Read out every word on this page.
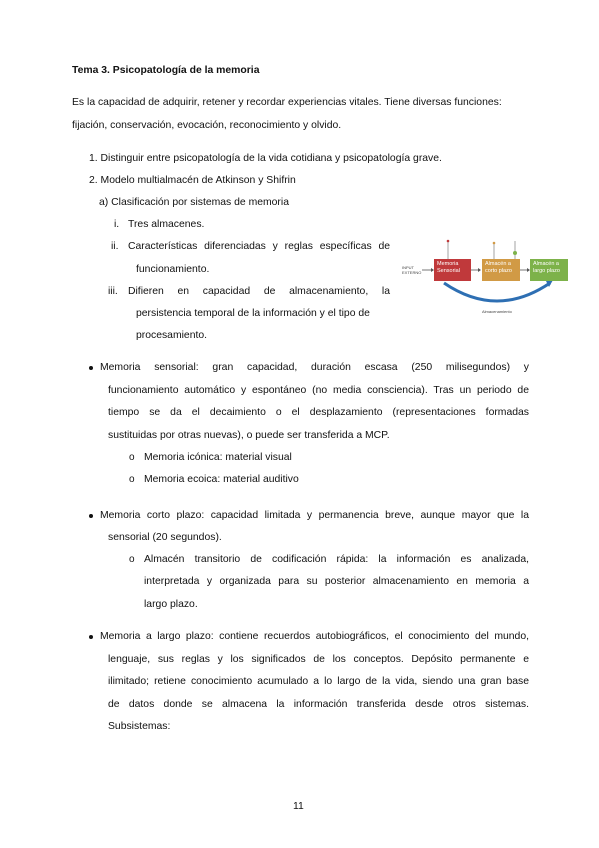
Tema 3. Psicopatología de la memoria
Es la capacidad de adquirir, retener y recordar experiencias vitales. Tiene diversas funciones:
fijación, conservación, evocación, reconocimiento y olvido.
1. Distinguir entre psicopatología de la vida cotidiana y psicopatología grave.
2. Modelo multialmacén de Atkinson y Shifrin
a) Clasificación por sistemas de memoria
i. Tres almacenes.
ii. Características diferenciadas y reglas específicas de
funcionamiento.
iii. Difieren en capacidad de almacenamiento, la
persistencia temporal de la información y el tipo de
procesamiento.
INPUT EXTERNO
Memoria Sensorial
Almacén a corto plazo
Almacén a largo plazo
Almacenamiento
Memoria sensorial: gran capacidad, duración escasa (250 milisegundos) y
funcionamiento automático y espontáneo (no media consciencia). Tras un periodo de
tiempo se da el decaimiento o el desplazamiento (representaciones formadas
sustituidas por otras nuevas), o puede ser transferida a MCP.
o Memoria icónica: material visual
o Memoria ecoica: material auditivo
Memoria corto plazo: capacidad limitada y permanencia breve, aunque mayor que la
sensorial (20 segundos).
o Almacén transitorio de codificación rápida: la información es analizada,
interpretada y organizada para su posterior almacenamiento en memoria a
largo plazo.
Memoria a largo plazo: contiene recuerdos autobiográficos, el conocimiento del mundo,
lenguaje, sus reglas y los significados de los conceptos. Depósito permanente e
ilimitado; retiene conocimiento acumulado a lo largo de la vida, siendo una gran base
de datos donde se almacena la información transferida desde otros sistemas.
Subsistemas:
11
